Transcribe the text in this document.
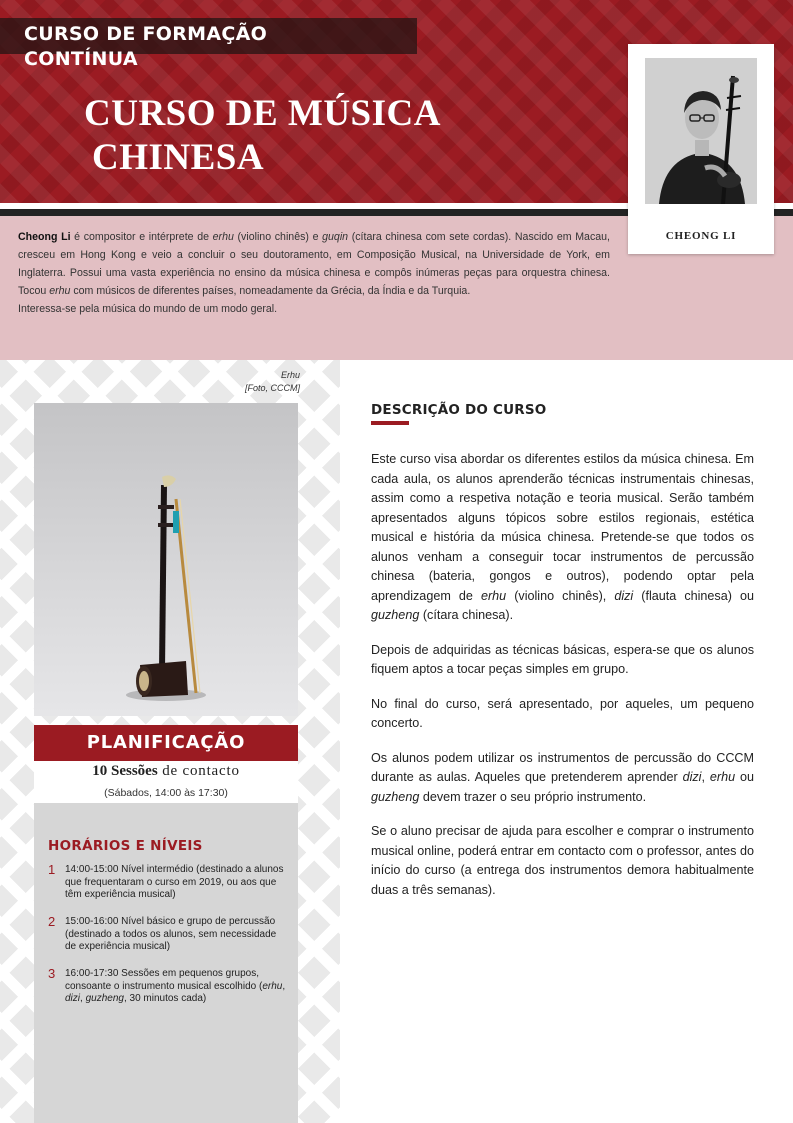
CURSO DE FORMAÇÃO
CONTÍNUA
CURSO DE MÚSICA
CHINESA

Cheong Li é compositor e intérprete de erhu (violino chinês) e guqin (cítara chinesa com sete cordas). Nascido em Macau, cresceu em Hong Kong e veio a concluir o seu doutoramento, em Composição Musical, na Universidade de York, em Inglaterra. Possui uma vasta experiência no ensino da música chinesa e compôs inúmeras peças para orquestra chinesa. Tocou erhu com músicos de diferentes países, nomeadamente da Grécia, da Índia e da Turquia.

Interessa-se pela música do mundo de um modo geral.

CHEONG LI
Erhu
[Foto, CCCM]
PLANIFICAÇÃO
10 Sessões de contacto
(Sábados, 14:00 às 17:30)
HORÁRIOS E NÍVEIS
1 14:00-15:00 Nível intermédio (destinado a alunos que frequentaram o curso em 2019, ou aos que têm experiência musical)
2 15:00-16:00 Nível básico e grupo de percussão (destinado a todos os alunos, sem necessidade de experiência musical)
3 16:00-17:30 Sessões em pequenos grupos, consoante o instrumento musical escolhido (erhu, dizi, guzheng, 30 minutos cada)
DESCRIÇÃO DO CURSO

Este curso visa abordar os diferentes estilos da música chinesa. Em cada aula, os alunos aprenderão técnicas instrumentais chinesas, assim como a respetiva notação e teoria musical. Serão também apresentados alguns tópicos sobre estilos regionais, estética musical e história da música chinesa. Pretende-se que todos os alunos venham a conseguir tocar instrumentos de percussão chinesa (bateria, gongos e outros), podendo optar pela aprendizagem de erhu (violino chinês), dizi (flauta chinesa) ou guzheng (cítara chinesa).

Depois de adquiridas as técnicas básicas, espera-se que os alunos fiquem aptos a tocar peças simples em grupo.

No final do curso, será apresentado, por aqueles, um pequeno concerto.

Os alunos podem utilizar os instrumentos de percussão do CCCM durante as aulas. Aqueles que pretenderem aprender dizi, erhu ou guzheng devem trazer o seu próprio instrumento.

Se o aluno precisar de ajuda para escolher e comprar o instrumento musical online, poderá entrar em contacto com o professor, antes do início do curso (a entrega dos instrumentos demora habitualmente duas a três semanas).
